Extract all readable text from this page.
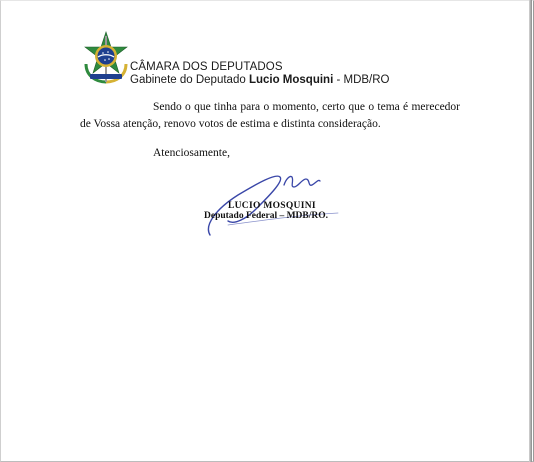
CÂMARA DOS DEPUTADOS
Gabinete do Deputado Lucio Mosquini - MDB/RO
Sendo o que tinha para o momento, certo que o tema é merecedor de Vossa atenção, renovo votos de estima e distinta consideração.
Atenciosamente,
LUCIO MOSQUINI
Deputado Federal – MDB/RO.
